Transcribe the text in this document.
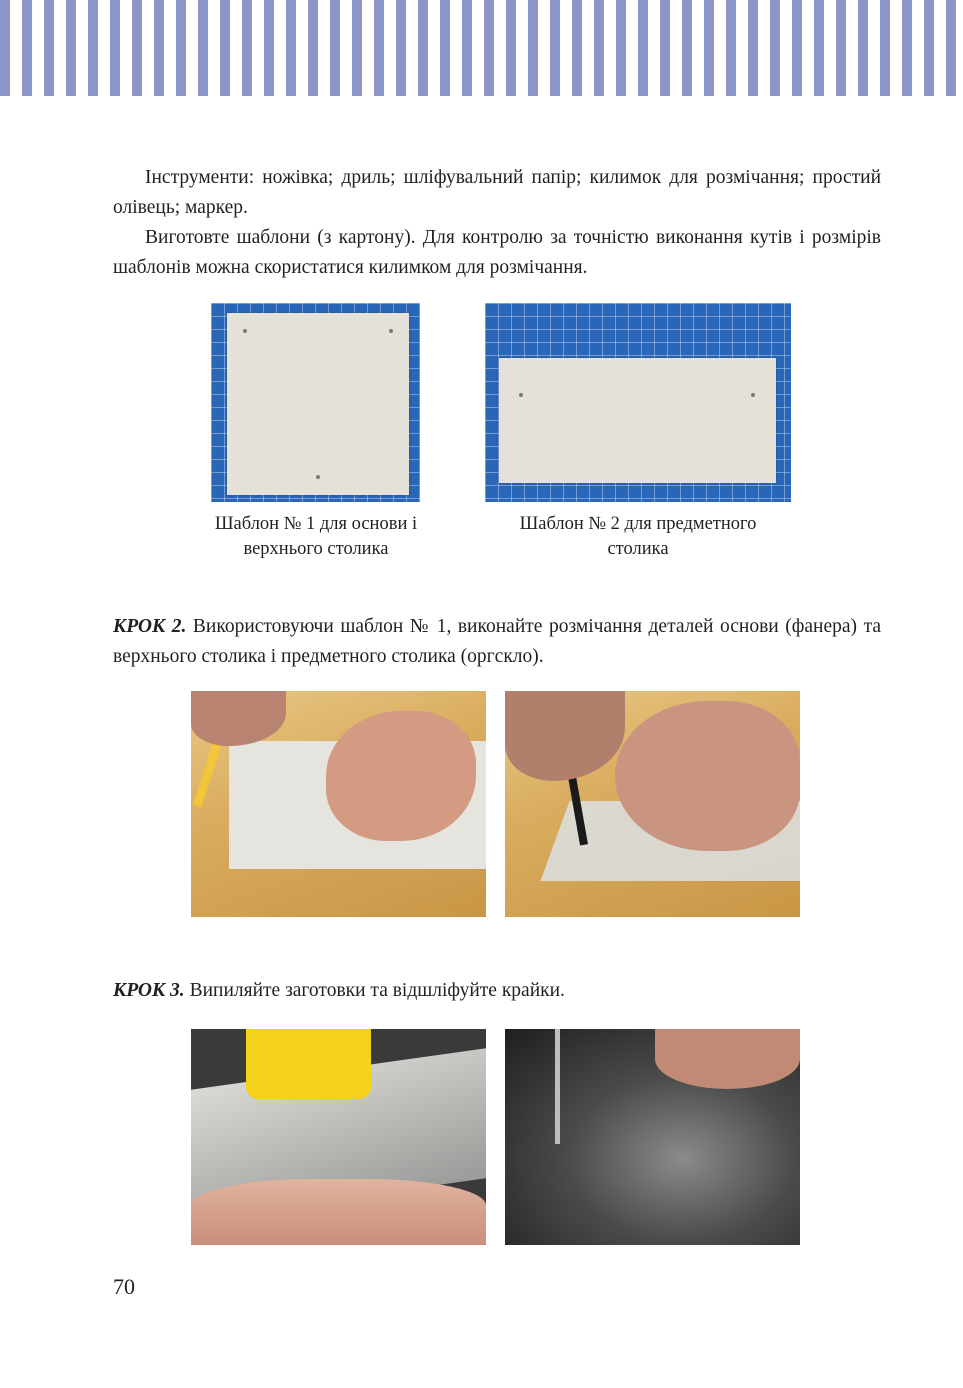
Інструменти: ножівка; дриль; шліфувальний папір; килимок для розмічання; простий олівець; маркер.

Виготовте шаблони (з картону). Для контролю за точністю виконання кутів і розмірів шаблонів можна скористатися килимком для розмічання.

Шаблон № 1 для основи і верхнього столика
Шаблон № 2 для предметного столика

КРОК 2. Використовуючи шаблон № 1, виконайте розмічання деталей основи (фанера) та верхнього столика і предметного столика (оргскло).

КРОК 3. Випиляйте заготовки та відшліфуйте крайки.

70
